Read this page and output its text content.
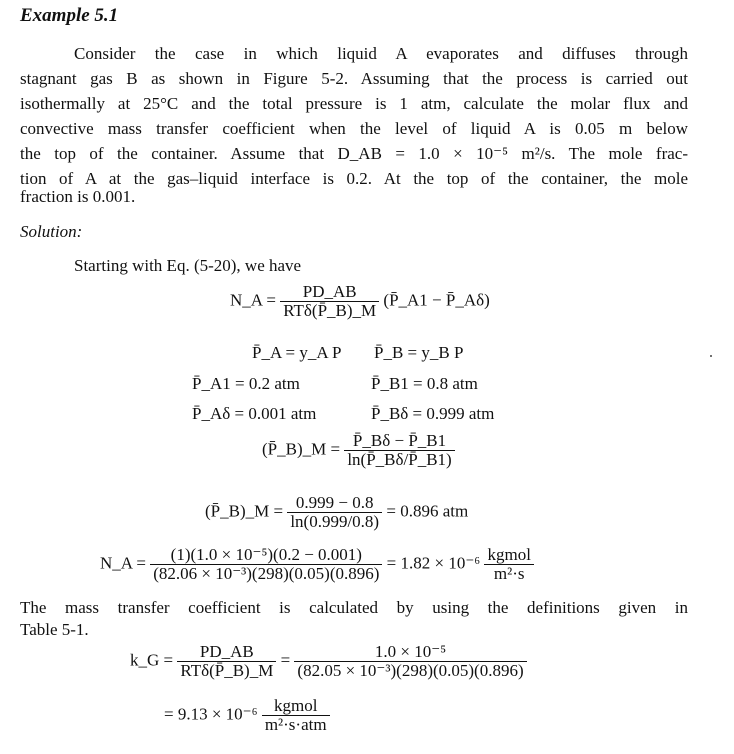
Example 5.1
Consider the case in which liquid A evaporates and diffuses through
stagnant gas B as shown in Figure 5-2. Assuming that the process is carried out
isothermally at 25°C and the total pressure is 1 atm, calculate the molar flux and
convective mass transfer coefficient when the level of liquid A is 0.05 m below
the top of the container. Assume that D_AB = 1.0 × 10⁻⁵ m²/s. The mole frac-
tion of A at the gas–liquid interface is 0.2. At the top of the container, the mole
fraction is 0.001.
Solution:
Starting with Eq. (5-20), we have
N_A = $\frac{PD\_AB}{\text{RTδ(P̄\_B)\_M}}$ (P̄_A1 − P̄_Aδ)
P̄_A = y_A P P̄_B = y_B P
P̄_A1 = 0.2 atm	P̄_B1 = 0.8 atm
P̄_Aδ = 0.001 atm	P̄_Bδ = 0.999 atm
(P̄_B)_M = $\frac{P̄\_B\delta - P̄\_B1}{\ln(P̄\_B\delta/P̄\_B1)}$
(P̄_B)_M = $\frac{0.999 - 0.8}{\ln(0.999/0.8)} = 0.896$ atm
N_A = $\frac{\text{(1)(1.0 × 10⁻⁵)(0.2 − 0.001)}}{\text{(82.06 × 10⁻³)(298)(0.05)(0.896)}} = 1.82 \times 10^{-6} \frac{\text{kgmol}}{\text{m²·s}}$
The mass transfer coefficient is calculated by using the definitions given in
Table 5-1.
k_G = $\frac{PD\_AB}{\text{RTδ(P̄\_B)\_M}} = \frac{\text{1.0 × 10⁻⁵}}{\text{(82.05 × 10⁻³)(298)(0.05)(0.896)}}$
= $9.13 \times 10^{-6} \frac{\text{kgmol}}{\text{m²·s·atm}}$
